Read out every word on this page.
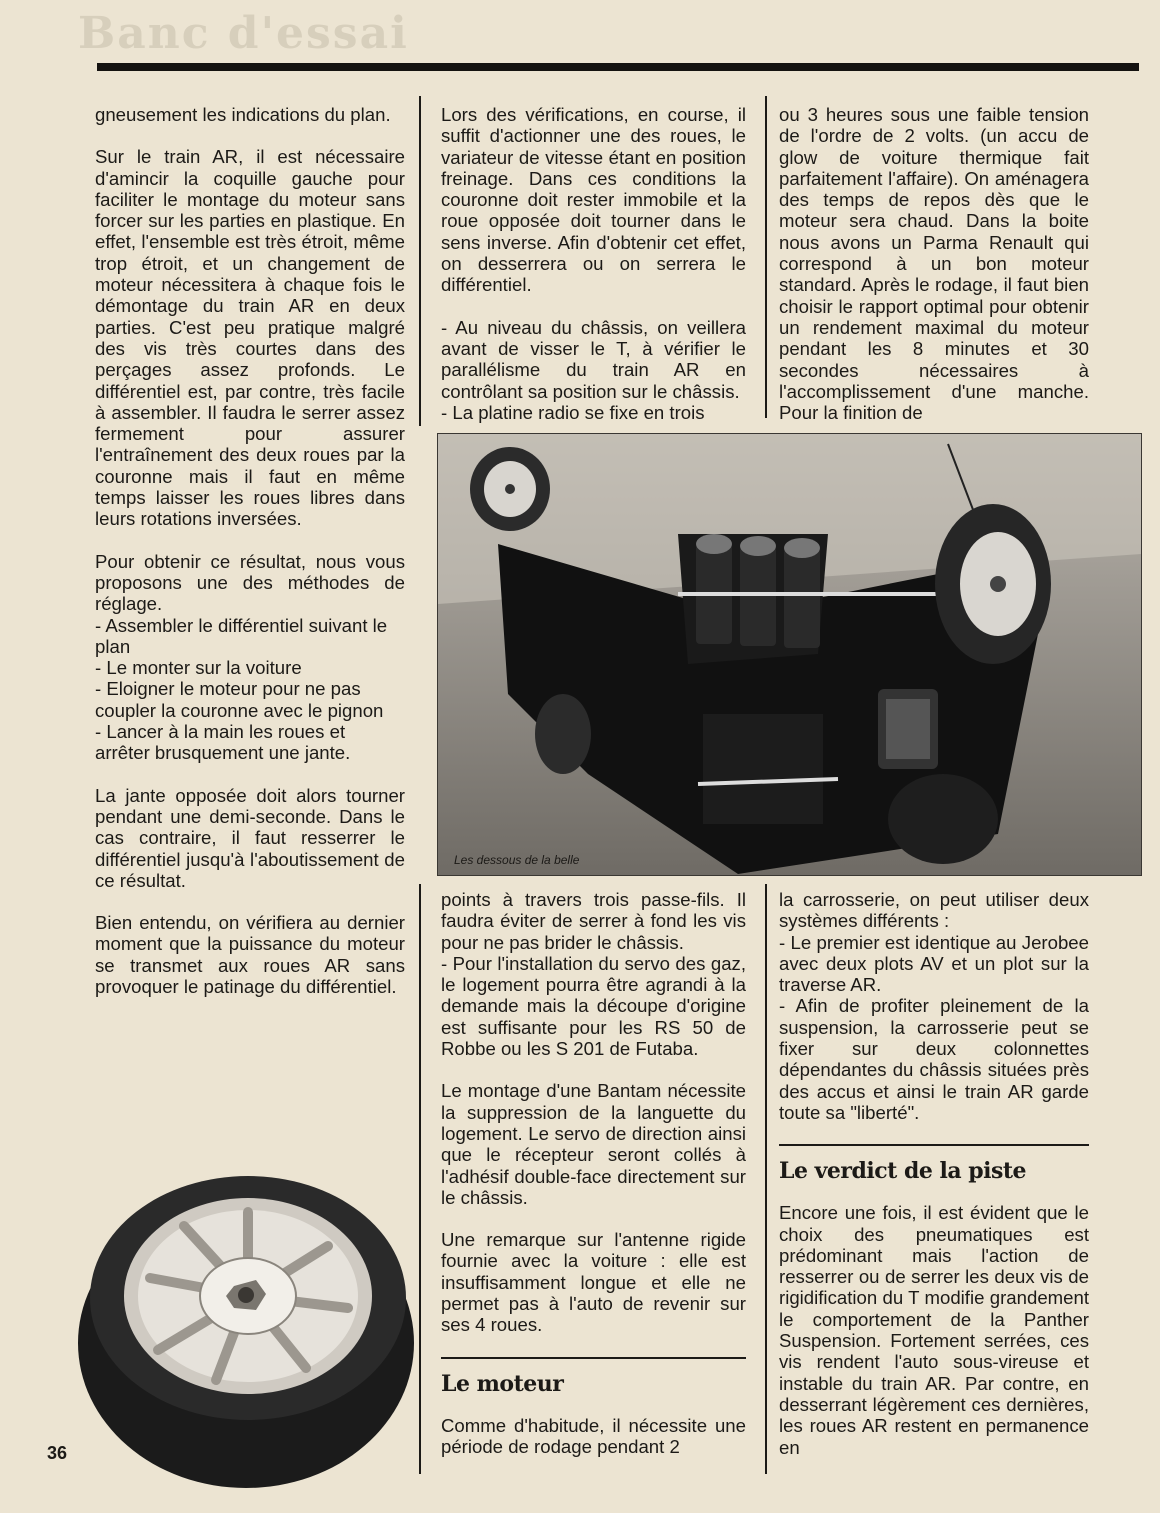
Banc d'essai

gneusement les indications du plan.

Sur le train AR, il est nécessaire d'amincir la coquille gauche pour faciliter le montage du moteur sans forcer sur les parties en plastique. En effet, l'ensemble est très étroit, même trop étroit, et un changement de moteur nécessitera à chaque fois le démontage du train AR en deux parties. C'est peu pratique malgré des vis très courtes dans des perçages assez profonds. Le différentiel est, par contre, très facile à assembler. Il faudra le serrer assez fermement pour assurer l'entraînement des deux roues par la couronne mais il faut en même temps laisser les roues libres dans leurs rotations inversées.

Pour obtenir ce résultat, nous vous proposons une des méthodes de réglage.

- Assembler le différentiel suivant le plan
- Le monter sur la voiture
- Eloigner le moteur pour ne pas coupler la couronne avec le pignon
- Lancer à la main les roues et arrêter brusquement une jante.

La jante opposée doit alors tourner pendant une demi-seconde. Dans le cas contraire, il faut resserrer le différentiel jusqu'à l'aboutissement de ce résultat.

Bien entendu, on vérifiera au dernier moment que la puissance du moteur se transmet aux roues AR sans provoquer le patinage du différentiel.

Lors des vérifications, en course, il suffit d'actionner une des roues, le variateur de vitesse étant en position freinage. Dans ces conditions la couronne doit rester immobile et la roue opposée doit tourner dans le sens inverse. Afin d'obtenir cet effet, on desserrera ou on serrera le différentiel.

- Au niveau du châssis, on veillera avant de visser le T, à vérifier le parallélisme du train AR en contrôlant sa position sur le châssis.

- La platine radio se fixe en trois

ou 3 heures sous une faible tension de l'ordre de 2 volts. (un accu de glow de voiture thermique fait parfaitement l'affaire). On aménagera des temps de repos dès que le moteur sera chaud. Dans la boite nous avons un Parma Renault qui correspond à un bon moteur standard. Après le rodage, il faut bien choisir le rapport optimal pour obtenir un rendement maximal du moteur pendant les 8 minutes et 30 secondes nécessaires à l'accomplissement d'une manche. Pour la finition de

Les dessous de la belle

points à travers trois passe-fils. Il faudra éviter de serrer à fond les vis pour ne pas brider le châssis.

- Pour l'installation du servo des gaz, le logement pourra être agrandi à la demande mais la découpe d'origine est suffisante pour les RS 50 de Robbe ou les S 201 de Futaba.

Le montage d'une Bantam nécessite la suppression de la languette du logement. Le servo de direction ainsi que le récepteur seront collés à l'adhésif double-face directement sur le châssis.

Une remarque sur l'antenne rigide fournie avec la voiture : elle est insuffisamment longue et elle ne permet pas à l'auto de revenir sur ses 4 roues.

Le moteur

Comme d'habitude, il nécessite une période de rodage pendant 2

la carrosserie, on peut utiliser deux systèmes différents :

- Le premier est identique au Jerobee avec deux plots AV et un plot sur la traverse AR.

- Afin de profiter pleinement de la suspension, la carrosserie peut se fixer sur deux colonnettes dépendantes du châssis situées près des accus et ainsi le train AR garde toute sa "liberté".

Le verdict de la piste

Encore une fois, il est évident que le choix des pneumatiques est prédominant mais l'action de resserrer ou de serrer les deux vis de rigidification du T modifie grandement le comportement de la Panther Suspension. Fortement serrées, ces vis rendent l'auto sous-vireuse et instable du train AR. Par contre, en desserrant légèrement ces dernières, les roues AR restent en permanence en

36
